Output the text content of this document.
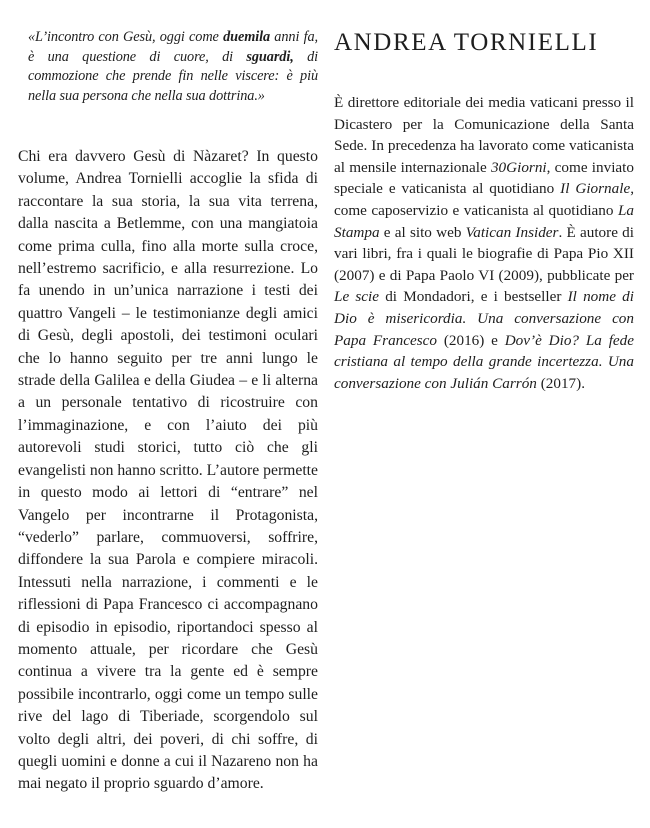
«L’incontro con Gesù, oggi come duemila anni fa, è una questione di cuore, di sguardi, di commozione che prende fin nelle viscere: è più nella sua persona che nella sua dottrina.»

Chi era davvero Gesù di Nàzaret? In questo volume, Andrea Tornielli accoglie la sfida di raccontare la sua storia, la sua vita terrena, dalla nascita a Betlemme, con una mangiatoia come prima culla, fino alla morte sulla croce, nell’estremo sacrificio, e alla resurrezione. Lo fa unendo in un’unica narrazione i testi dei quattro Vangeli – le testimonianze degli amici di Gesù, degli apostoli, dei testimoni oculari che lo hanno seguito per tre anni lungo le strade della Galilea e della Giudea – e li alterna a un personale tentativo di ricostruire con l’immaginazione, e con l’aiuto dei più autorevoli studi storici, tutto ciò che gli evangelisti non hanno scritto. L’autore permette in questo modo ai lettori di “entrare” nel Vangelo per incontrarne il Protagonista, “vederlo” parlare, commuoversi, soffrire, diffondere la sua Parola e compiere miracoli. Intessuti nella narrazione, i commenti e le riflessioni di Papa Francesco ci accompagnano di episodio in episodio, riportandoci spesso al momento attuale, per ricordare che Gesù continua a vivere tra la gente ed è sempre possibile incontrarlo, oggi come un tempo sulle rive del lago di Tiberiade, scorgendolo sul volto degli altri, dei poveri, di chi soffre, di quegli uomini e donne a cui il Nazareno non ha mai negato il proprio sguardo d’amore.

ANDREA TORNIELLI

È direttore editoriale dei media vaticani presso il Dicastero per la Comunicazione della Santa Sede. In precedenza ha lavorato come vaticanista al mensile internazionale 30Giorni, come inviato speciale e vaticanista al quotidiano Il Giornale, come caposervizio e vaticanista al quotidiano La Stampa e al sito web Vatican Insider. È autore di vari libri, fra i quali le biografie di Papa Pio XII (2007) e di Papa Paolo VI (2009), pubblicate per Le scie di Mondadori, e i bestseller Il nome di Dio è misericordia. Una conversazione con Papa Francesco (2016) e Dov’è Dio? La fede cristiana al tempo della grande incertezza. Una conversazione con Julián Carrón (2017).
